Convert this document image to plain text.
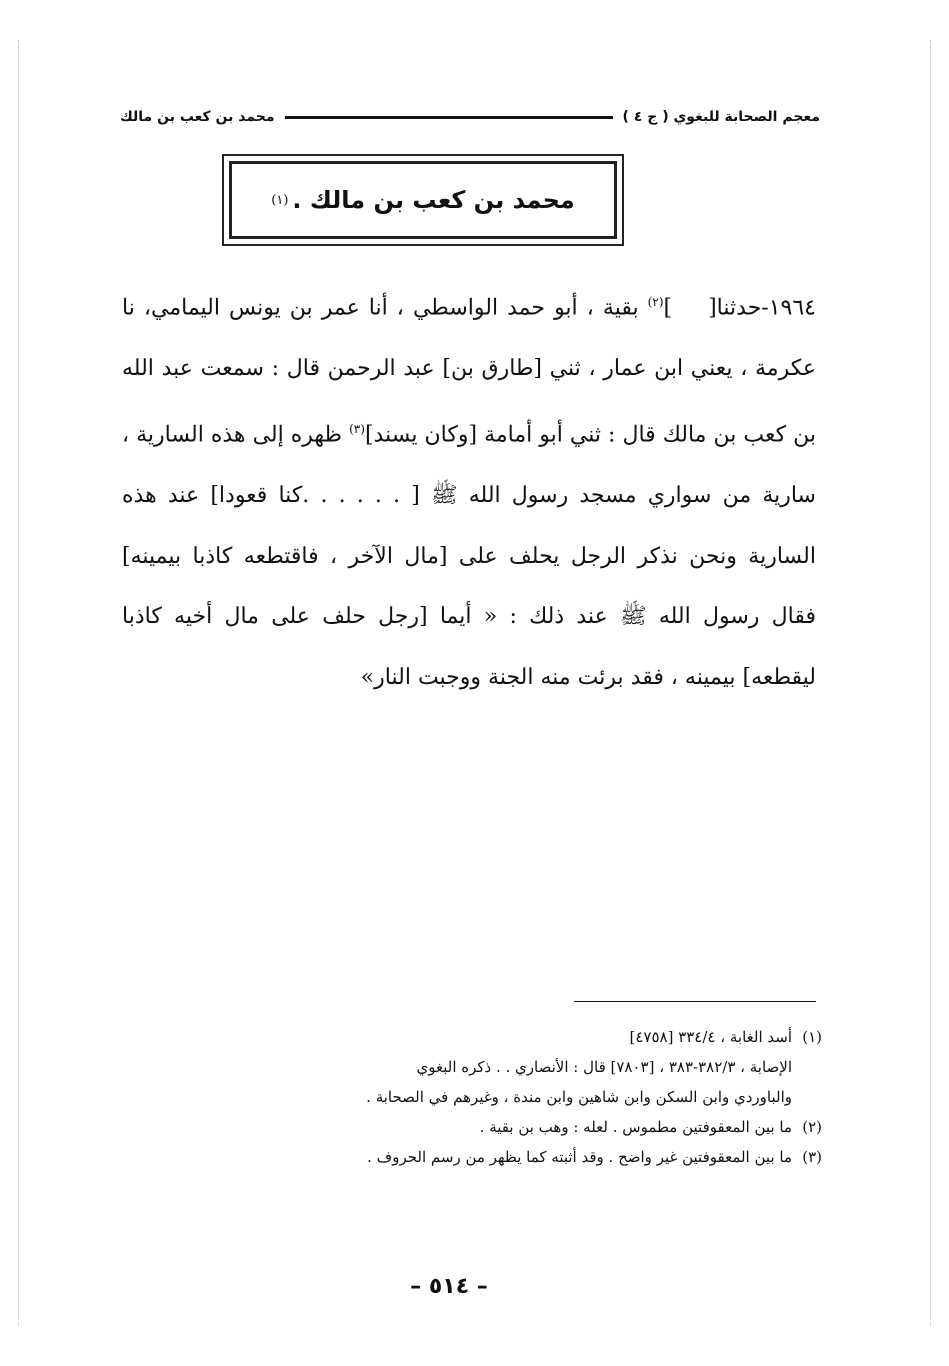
معجم الصحابة للبغوي ( ج ٤ )
محمد بن كعب بن مالك
محمد بن كعب بن مالك .
(١)

١٩٦٤-حدثنا[]$^{(٢)}$ بقية ، أبو حمد الواسطي ، أنا عمر بن يونس اليمامي، نا عكرمة ، يعني ابن عمار ، ثني [طارق بن] عبد الرحمن قال : سمعت عبد الله بن كعب بن مالك قال : ثني أبو أمامة [وكان يسند]$^{(٣)}$ ظهره إلى هذه السارية ، سارية من سواري مسجد رسول الله ﷺ [ . . . . . .كنا قعودا] عند هذه السارية ونحن نذكر الرجل يحلف على [مال الآخر ، فاقتطعه كاذبا بيمينه] فقال رسول الله ﷺ عند ذلك : « أيما [رجل حلف على مال أخيه كاذبا ليقطعه] بيمينه ، فقد برئت منه الجنة ووجبت النار»

(١)
أسد الغابة ، ٣٣٤/٤ [٤٧٥٨]
الإصابة ، ٣٨٢/٣-٣٨٣ ، [٧٨٠٣] قال : الأنصاري . . ذكره البغوي
والباوردي وابن السكن وابن شاهين وابن مندة ، وغيرهم في الصحابة .
(٢)
ما بين المعقوفتين مطموس . لعله : وهب بن بقية .
(٣)
ما بين المعقوفتين غير واضح . وقد أثبته كما يظهر من رسم الحروف .
– ٥١٤ –
